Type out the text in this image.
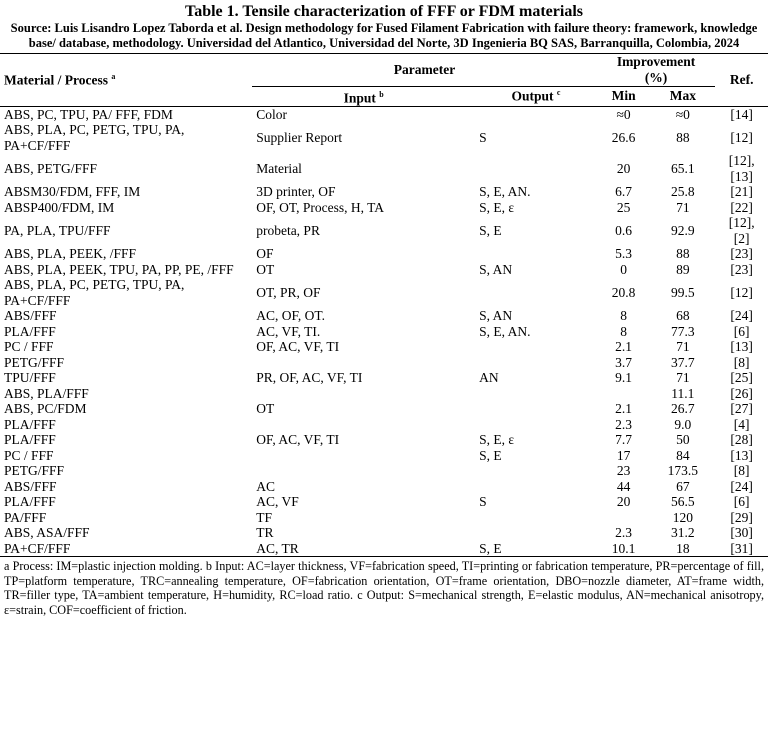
Table 1. Tensile characterization of FFF or FDM materials
Source: Luis Lisandro Lopez Taborda et al. Design methodology for Fused Filament Fabrication with failure theory: framework, knowledge base/ database, methodology. Universidad del Atlantico, Universidad del Norte, 3D Ingenieria BQ SAS, Barranquilla, Colombia, 2024
Material / Process $^a$	Parameter		Improvement (%)		Ref.
	Input $^b$	Output $^c$	Min	Max	
ABS, PC, TPU, PA/ FFF, FDM	Color		≈0	≈0	[14]
ABS, PLA, PC, PETG, TPU, PA, PA+CF/FFF	Supplier Report	S	26.6	88	[12]
ABS, PETG/FFF	Material		20	65.1	[12], [13]
ABSM30/FDM, FFF, IM	3D printer, OF	S, E, AN.	6.7	25.8	[21]
ABSP400/FDM, IM	OF, OT, Process, H, TA	S, E, ε	25	71	[22]
PA, PLA, TPU/FFF	probeta, PR	S, E	0.6	92.9	[12], [2]
ABS, PLA, PEEK, /FFF	OF		5.3	88	[23]
ABS, PLA, PEEK, TPU, PA, PP, PE, /FFF	OT	S, AN	0	89	[23]
ABS, PLA, PC, PETG, TPU, PA, PA+CF/FFF	OT, PR, OF		20.8	99.5	[12]
ABS/FFF	AC, OF, OT.	S, AN	8	68	[24]
PLA/FFF	AC, VF, TI.	S, E, AN.	8	77.3	[6]
PC / FFF	OF, AC, VF, TI		2.1	71	[13]
PETG/FFF			3.7	37.7	[8]
TPU/FFF	PR, OF, AC, VF, TI	AN	9.1	71	[25]
ABS, PLA/FFF				11.1	[26]
ABS, PC/FDM	OT		2.1	26.7	[27]
PLA/FFF			2.3	9.0	[4]
PLA/FFF	OF, AC, VF, TI	S, E, ε	7.7	50	[28]
PC / FFF		S, E	17	84	[13]
PETG/FFF			23	173.5	[8]
ABS/FFF	AC		44	67	[24]
PLA/FFF	AC, VF	S	20	56.5	[6]
PA/FFF	TF			120	[29]
ABS, ASA/FFF	TR		2.3	31.2	[30]
PA+CF/FFF	AC, TR	S, E	10.1	18	[31]
a Process: IM=plastic injection molding. b Input: AC=layer thickness, VF=fabrication speed, TI=printing or fabrication temperature, PR=percentage of fill, TP=platform temperature, TRC=annealing temperature, OF=fabrication orientation, OT=frame orientation, DBO=nozzle diameter, AT=frame width, TR=filler type, TA=ambient temperature, H=humidity, RC=load ratio. c Output: S=mechanical strength, E=elastic modulus, AN=mechanical anisotropy, ε=strain, COF=coefficient of friction.
